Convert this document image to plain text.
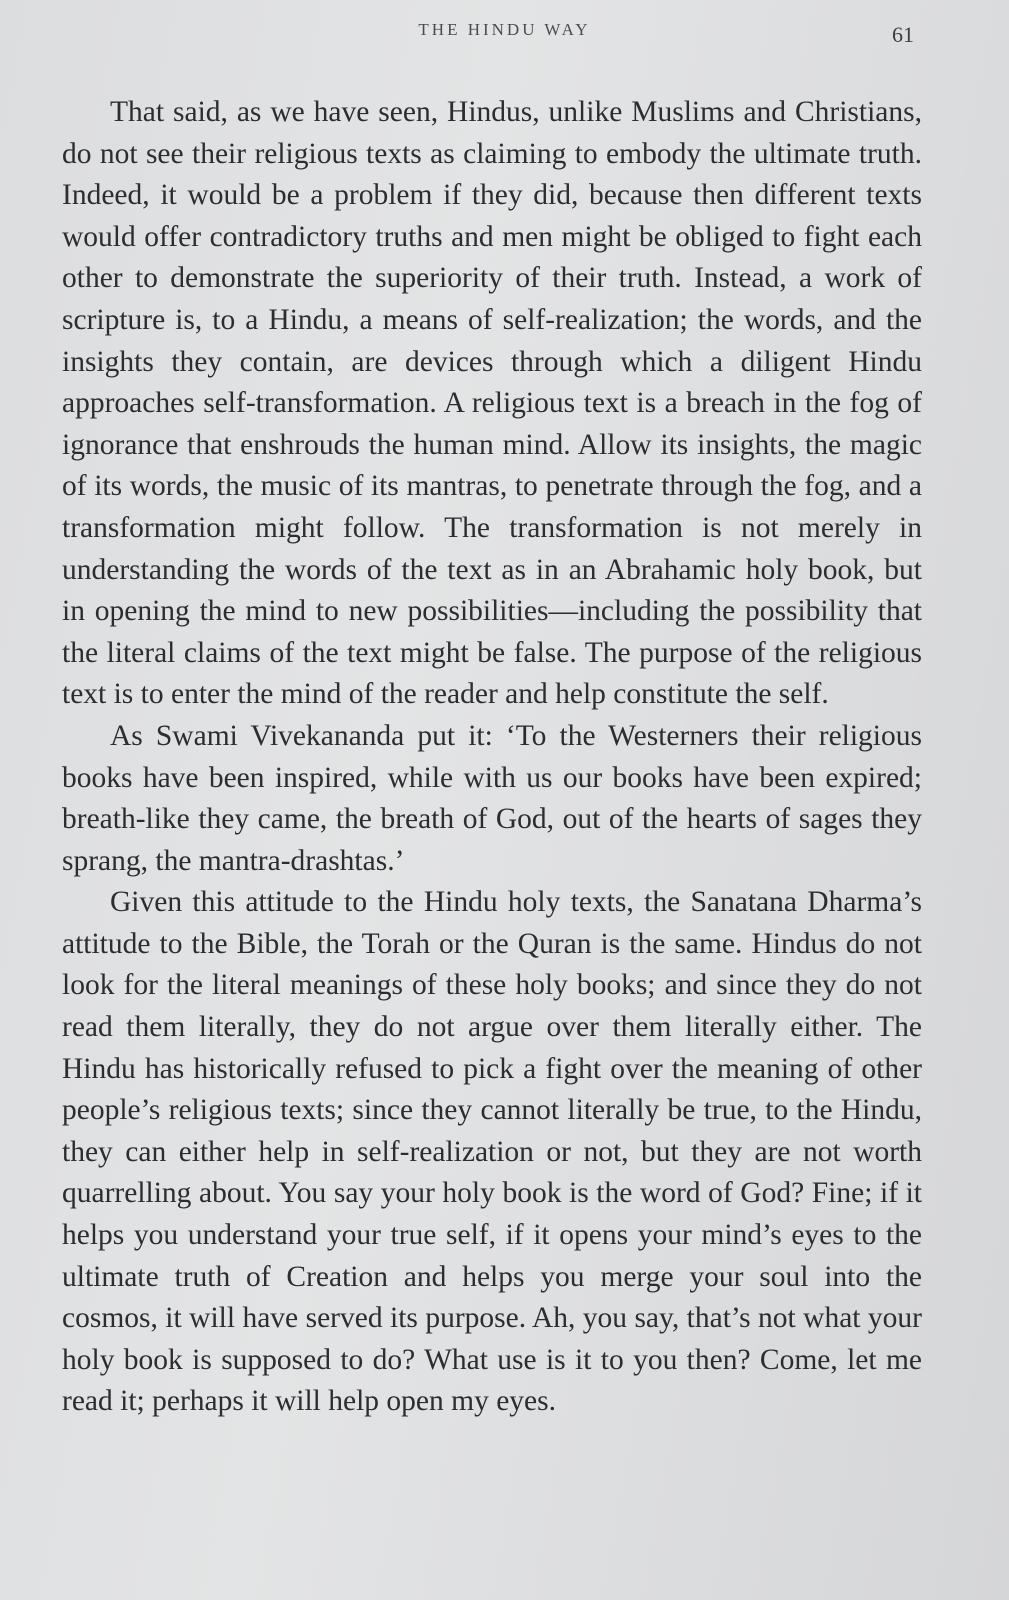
THE HINDU WAY	61

That said, as we have seen, Hindus, unlike Muslims and Christians, do not see their religious texts as claiming to embody the ultimate truth. Indeed, it would be a problem if they did, because then different texts would offer contradictory truths and men might be obliged to fight each other to demonstrate the superiority of their truth. Instead, a work of scripture is, to a Hindu, a means of self-realization; the words, and the insights they contain, are devices through which a diligent Hindu approaches self-transformation. A religious text is a breach in the fog of ignorance that enshrouds the human mind. Allow its insights, the magic of its words, the music of its mantras, to penetrate through the fog, and a transformation might follow. The transformation is not merely in understanding the words of the text as in an Abrahamic holy book, but in opening the mind to new possibilities—including the possibility that the literal claims of the text might be false. The purpose of the religious text is to enter the mind of the reader and help constitute the self.

As Swami Vivekananda put it: ‘To the Westerners their religious books have been inspired, while with us our books have been expired; breath-like they came, the breath of God, out of the hearts of sages they sprang, the mantra-drashtas.’

Given this attitude to the Hindu holy texts, the Sanatana Dharma’s attitude to the Bible, the Torah or the Quran is the same. Hindus do not look for the literal meanings of these holy books; and since they do not read them literally, they do not argue over them literally either. The Hindu has historically refused to pick a fight over the meaning of other people’s religious texts; since they cannot literally be true, to the Hindu, they can either help in self-realization or not, but they are not worth quarrelling about. You say your holy book is the word of God? Fine; if it helps you understand your true self, if it opens your mind’s eyes to the ultimate truth of Creation and helps you merge your soul into the cosmos, it will have served its purpose. Ah, you say, that’s not what your holy book is supposed to do? What use is it to you then? Come, let me read it; perhaps it will help open my eyes.
